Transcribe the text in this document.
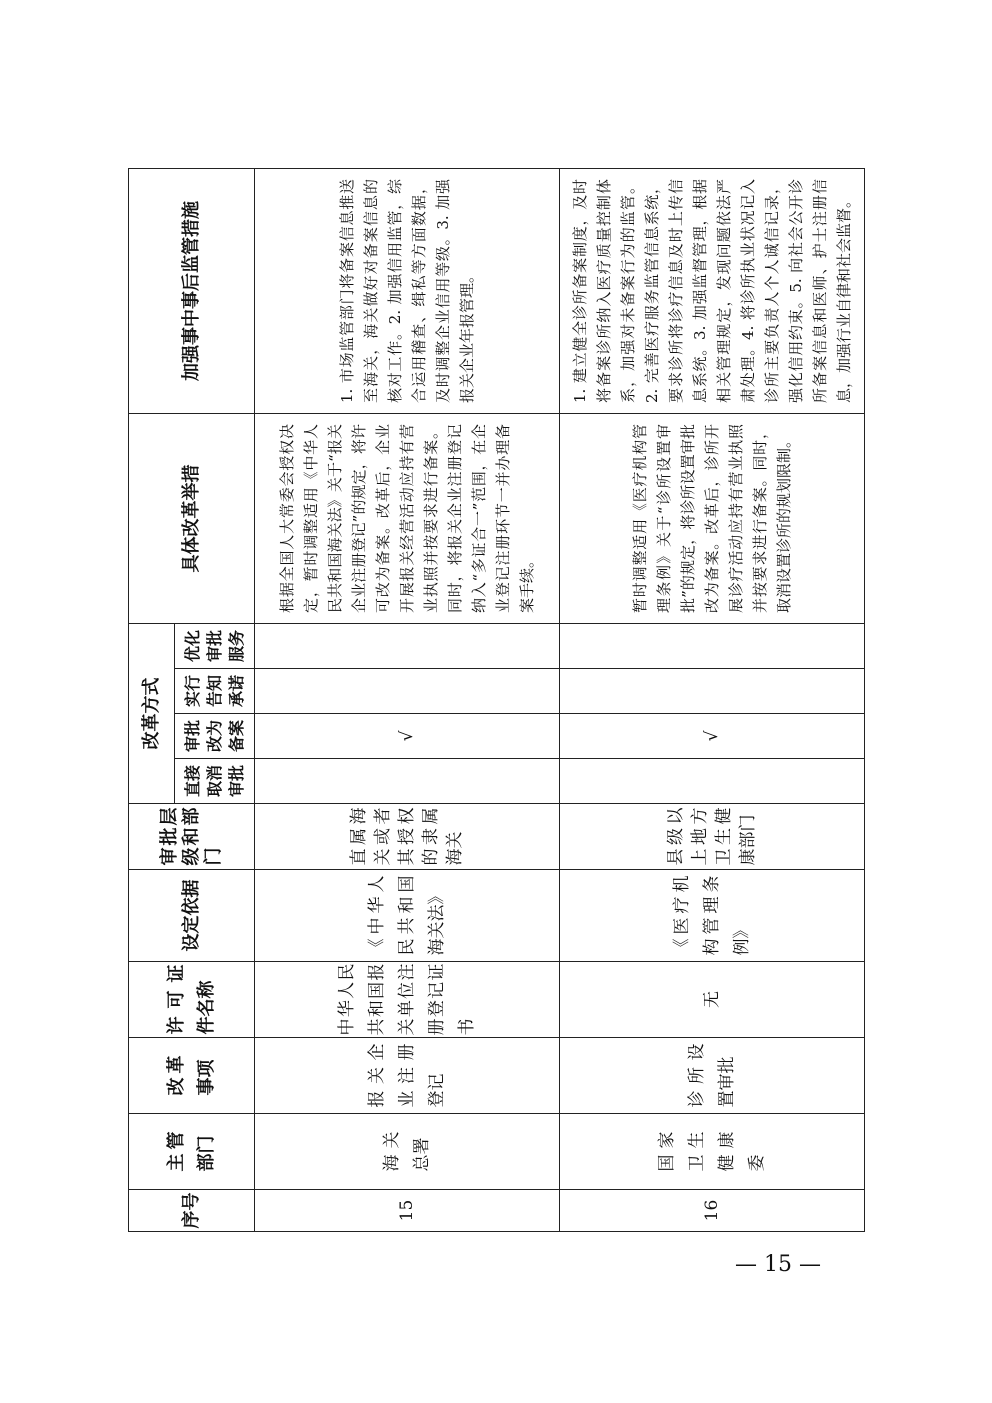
序号	主管部门	改革事项	许可证件名称	设定依据	审批层级和部门	改革方式				具体改革举措	加强事中事后监管措施

						直接取消审批	审批改为备案	实行告知承诺	优化审批服务		

15	海关总署	报关企业注册登记	中华人民共和国报关单位注册登记证书	《中华人民共和国海关法》	直属海关或者其授权的隶属海关		√			根据全国人大常委会授权决定，暂时调整适用《中华人民共和国海关法》关于“报关企业注册登记”的规定，将许可改为备案。改革后，企业开展报关经营活动应持有营业执照并按要求进行备案。同时，将报关企业注册登记纳入“多证合一”范围，在企业登记注册环节一并办理备案手续。	1. 市场监管部门将备案信息推送至海关，海关做好对备案信息的核对工作。2. 加强信用监管，综合运用稽查、缉私等方面数据，及时调整企业信用等级。3. 加强报关企业年报管理。

16	国家卫生健康委	诊所设置审批	无	《医疗机构管理条例》	县级以上地方卫生健康部门		√			暂时调整适用《医疗机构管理条例》关于“诊所设置审批”的规定，将诊所设置审批改为备案。改革后，诊所开展诊疗活动应持有营业执照并按要求进行备案。同时，取消设置诊所的规划限制。	1. 建立健全诊所备案制度，及时将备案诊所纳入医疗质量控制体系，加强对未备案行为的监管。2. 完善医疗服务监管信息系统，要求诊所将诊疗信息及时上传信息系统。3. 加强监督管理，根据相关管理规定，发现问题依法严肃处理。4. 将诊所执业状况记入诊所主要负责人个人诚信记录，强化信用约束。5. 向社会公开诊所备案信息和医师、护士注册信息，加强行业自律和社会监督。
— 15 —
